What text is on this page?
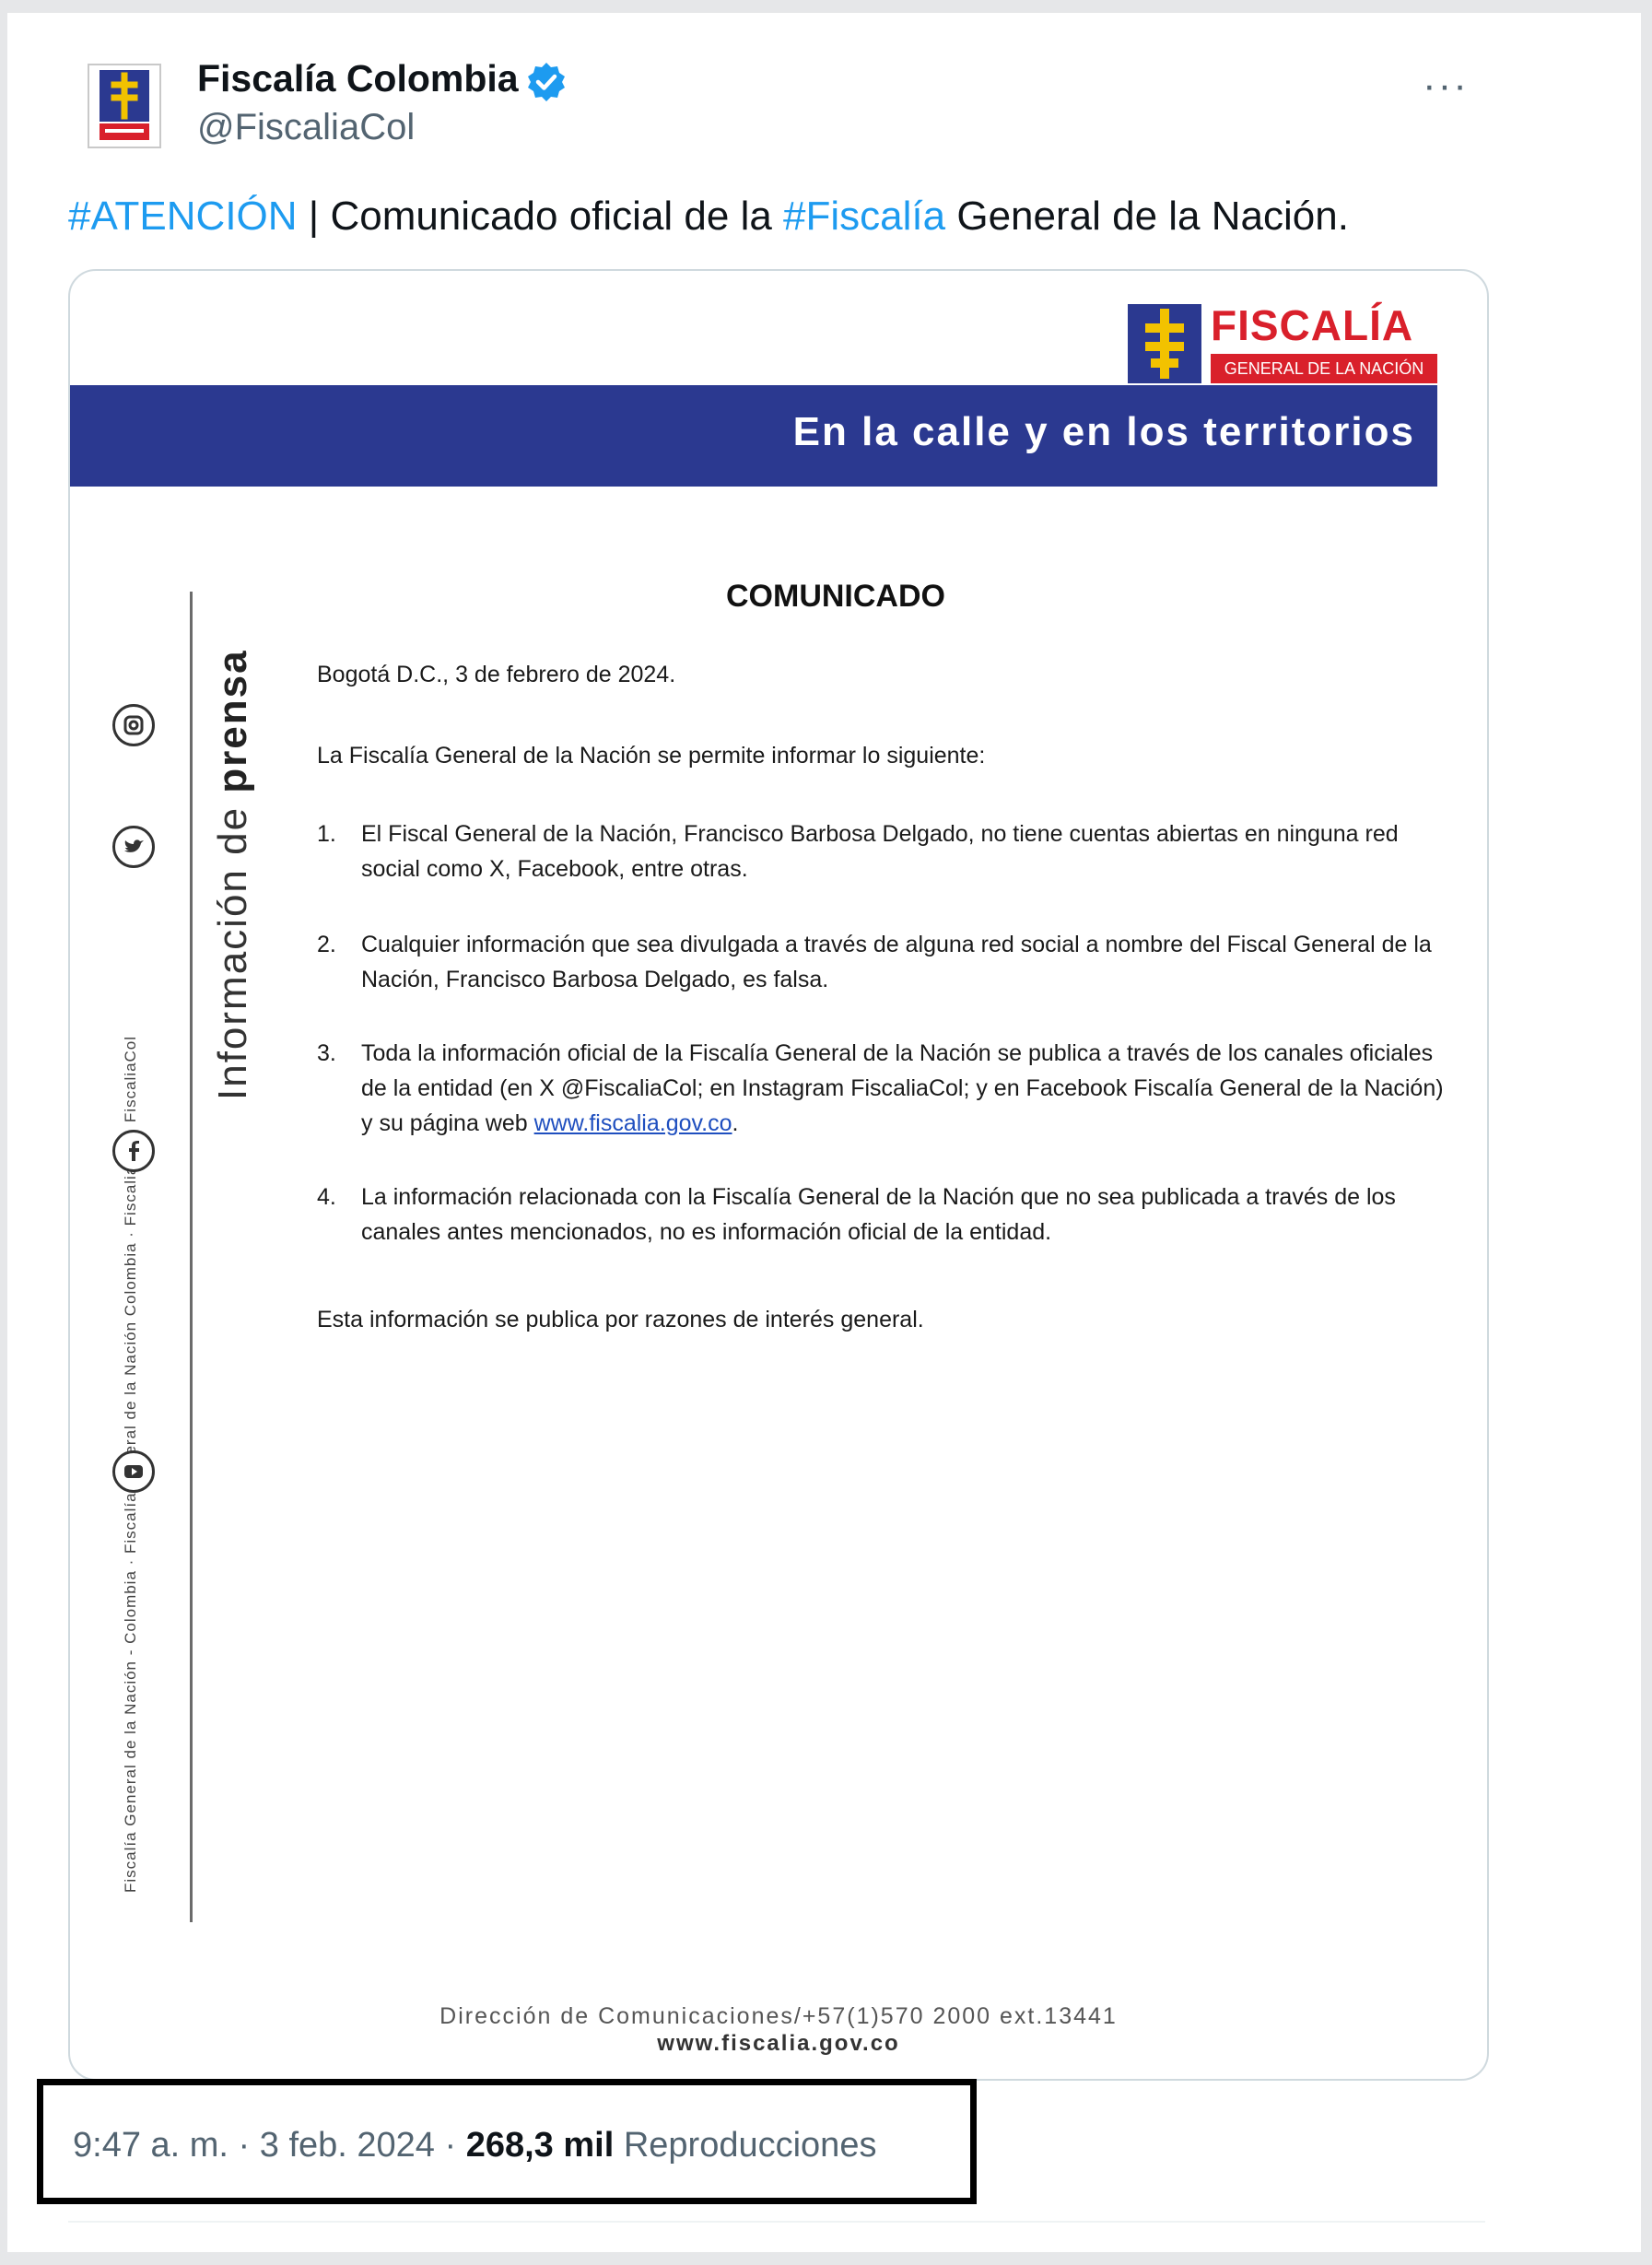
Fiscalía Colombia
@FiscaliaCol
···
#ATENCIÓN | Comunicado oficial de la #Fiscalía General de la Nación.
FISCALÍA
GENERAL DE LA NACIÓN
En la calle y en los territorios
Información de prensa
COMUNICADO
Bogotá D.C., 3 de febrero de 2024.
La Fiscalía General de la Nación se permite informar lo siguiente:
1. El Fiscal General de la Nación, Francisco Barbosa Delgado, no tiene cuentas abiertas en ninguna red social como X, Facebook, entre otras.
2. Cualquier información que sea divulgada a través de alguna red social a nombre del Fiscal General de la Nación, Francisco Barbosa Delgado, es falsa.
3. Toda la información oficial de la Fiscalía General de la Nación se publica a través de los canales oficiales de la entidad (en X @FiscaliaCol; en Instagram FiscaliaCol; y en Facebook Fiscalía General de la Nación) y su página web www.fiscalia.gov.co.
4. La información relacionada con la Fiscalía General de la Nación que no sea publicada a través de los canales antes mencionados, no es información oficial de la entidad.
Esta información se publica por razones de interés general.
Dirección de Comunicaciones/+57(1)570 2000 ext.13441
www.fiscalia.gov.co
9:47 a. m. · 3 feb. 2024 · 268,3 mil Reproducciones
